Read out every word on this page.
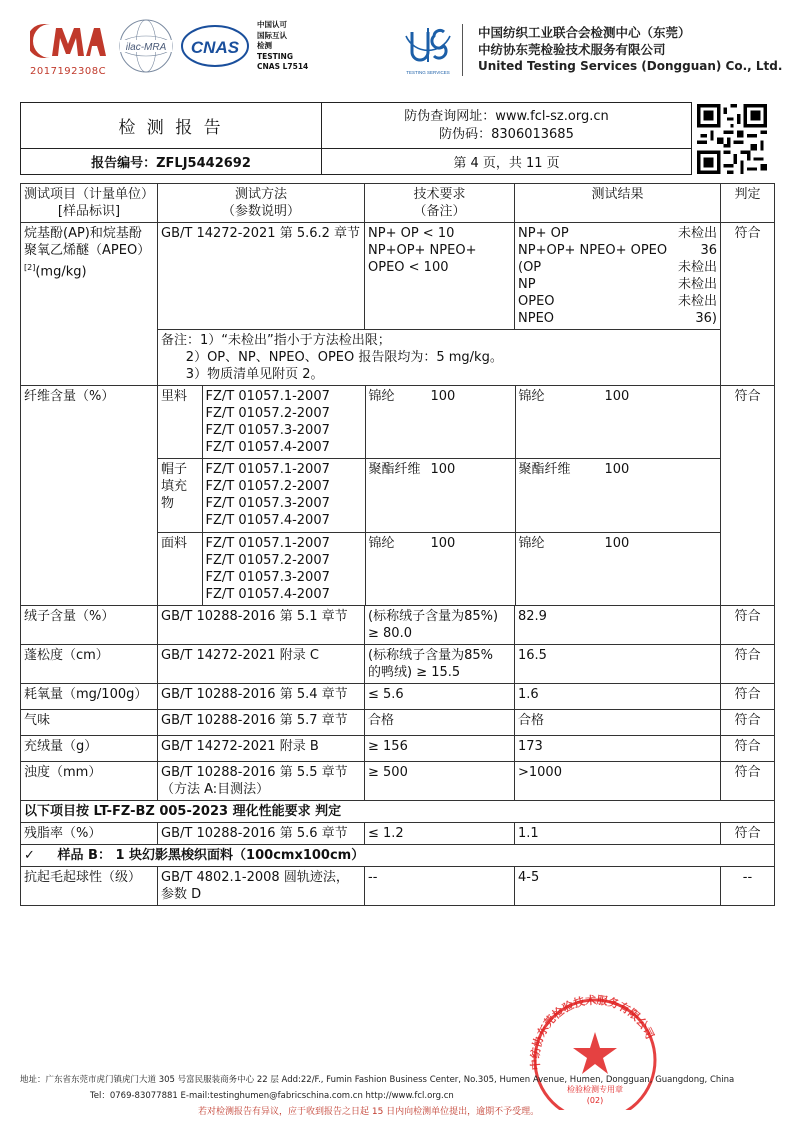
2017192308C
ilac-MRA CNAS
中国认可
国际互认
检测
TESTING
CNAS L7514
TESTING SERVICES
中国纺织工业联合会检测中心（东莞）
中纺协东莞检验技术服务有限公司
United Testing Services (Dongguan) Co., Ltd.
检 测 报 告	防伪查询网址：www.fcl-sz.org.cn
防伪码：8306013685	

报告编号：ZFLJ5442692	第 4 页，共 11 页	
测试项目（计量单位）
[样品标识]	测试方法
（参数说明）	技术要求
（备注）	测试结果	判定
烷基酚(AP)和烷基酚聚氧乙烯醚（APEO）[2](mg/kg)	GB/T 14272-2021 第 5.6.2 章节	NP+ OP < 10
NP+OP+ NPEO+
OPEO < 100	
NP+ OP	未检出
NP+OP+ NPEO+ OPEO	36
(OP	未检出
NP	未检出
OPEO	未检出
NPEO	36)
	符合
备注：1）“未检出”指小于方法检出限；
2）OP、NP、NPEO、OPEO 报告限均为：5 mg/kg。
3）物质清单见附页 2。
纤维含量（%）		里料	FZ/T 01057.1-2007
FZ/T 01057.2-2007
FZ/T 01057.3-2007
FZ/T 01057.4-2007	锦纶	100	锦纶	100
帽子
填充
物	FZ/T 01057.1-2007
FZ/T 01057.2-2007
FZ/T 01057.3-2007
FZ/T 01057.4-2007	聚酯纤维 100	聚酯纤维	100
面料	FZ/T 01057.1-2007
FZ/T 01057.2-2007
FZ/T 01057.3-2007
FZ/T 01057.4-2007	锦纶	100	锦纶	100
	符合
绒子含量（%）	GB/T 10288-2016 第 5.1 章节	(标称绒子含量为85%)
≥ 80.0	82.9	符合
蓬松度（cm）	GB/T 14272-2021 附录 C	(标称绒子含量为85%
的鸭绒) ≥ 15.5	16.5	符合
耗氧量（mg/100g）	GB/T 10288-2016 第 5.4 章节	≤ 5.6	1.6	符合
气味	GB/T 10288-2016 第 5.7 章节	合格	合格	符合
充绒量（g）	GB/T 14272-2021 附录 B	≥ 156	173	符合
浊度（mm）	GB/T 10288-2016 第 5.5 章节
（方法 A:目测法）	≥ 500	>1000	符合
以下项目按 LT-FZ-BZ 005-2023 理化性能要求 判定
残脂率（%）	GB/T 10288-2016 第 5.6 章节	≤ 1.2	1.1	符合
✓     样品 B： 1 块幻影黑梭织面料（100cmx100cm）
抗起毛起球性（级）	GB/T 4802.1-2008 圆轨迹法，
参数 D	--	4-5	--
中纺协东莞检验技术服务有限公司
检验检测专用章
(02)
地址：广东省东莞市虎门镇虎门大道 305 号富民服装商务中心 22 层 Add:22/F., Fumin Fashion Business Center, No.305, Humen Avenue, Humen, Dongguan, Guangdong, China
Tel：0769-83077881 E-mail:testinghumen@fabricschina.com.cn http://www.fcl.org.cn
若对检测报告有异议，应于收到报告之日起 15 日内向检测单位提出，逾期不予受理。
